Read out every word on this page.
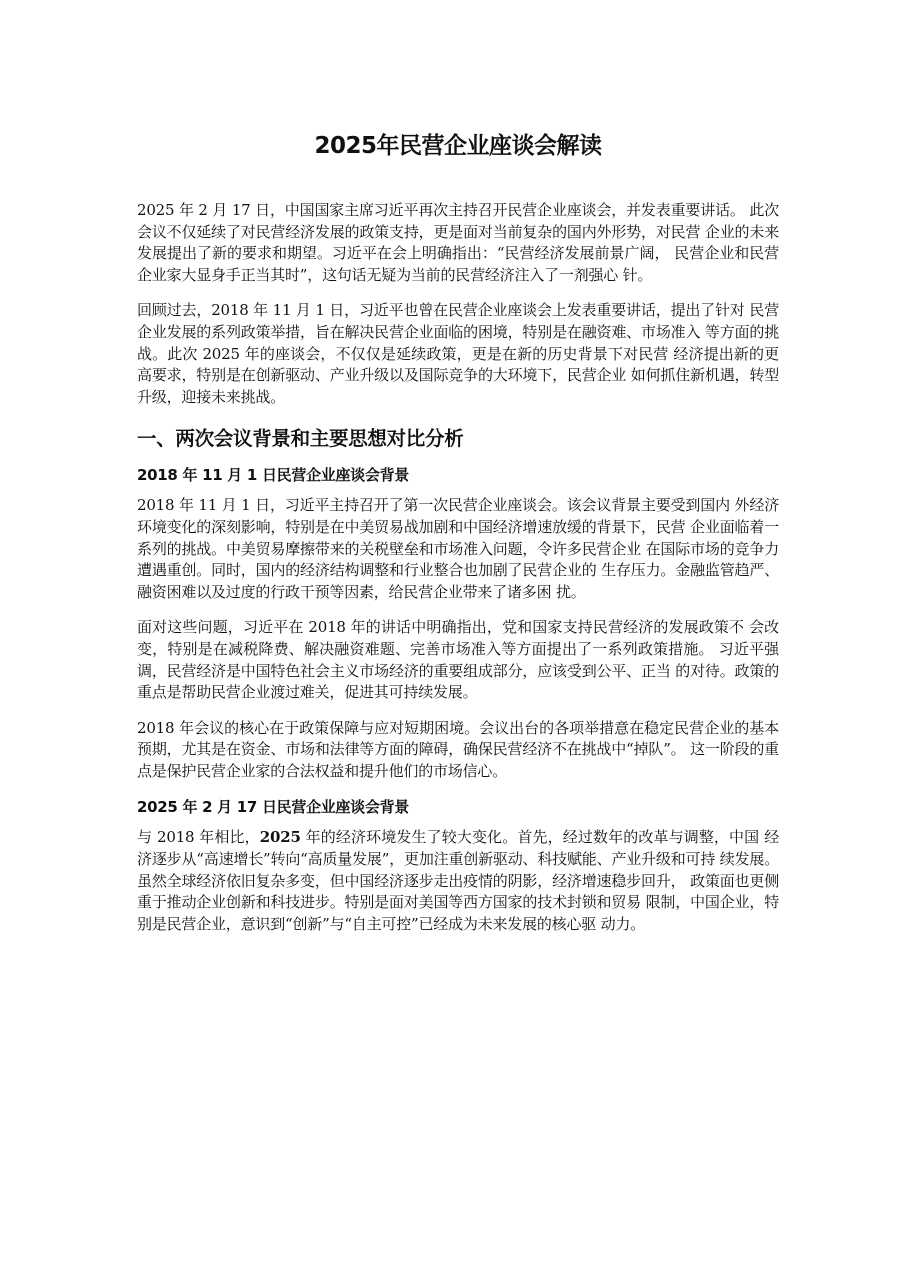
2025年民营企业座谈会解读

2025 年 2 月 17 日，中国国家主席习近平再次主持召开民营企业座谈会，并发表重要讲话。 此次会议不仅延续了对民营经济发展的政策支持，更是面对当前复杂的国内外形势，对民营 企业的未来发展提出了新的要求和期望。习近平在会上明确指出：“民营经济发展前景广阔， 民营企业和民营企业家大显身手正当其时”，这句话无疑为当前的民营经济注入了一剂强心 针。

回顾过去，2018 年 11 月 1 日，习近平也曾在民营企业座谈会上发表重要讲话，提出了针对 民营企业发展的系列政策举措，旨在解决民营企业面临的困境，特别是在融资难、市场准入 等方面的挑战。此次 2025 年的座谈会，不仅仅是延续政策，更是在新的历史背景下对民营 经济提出新的更高要求，特别是在创新驱动、产业升级以及国际竞争的大环境下，民营企业 如何抓住新机遇，转型升级，迎接未来挑战。

一、两次会议背景和主要思想对比分析
2018 年 11 月 1 日民营企业座谈会背景

2018 年 11 月 1 日，习近平主持召开了第一次民营企业座谈会。该会议背景主要受到国内 外经济环境变化的深刻影响，特别是在中美贸易战加剧和中国经济增速放缓的背景下，民营 企业面临着一系列的挑战。中美贸易摩擦带来的关税壁垒和市场准入问题，令许多民营企业 在国际市场的竞争力遭遇重创。同时，国内的经济结构调整和行业整合也加剧了民营企业的 生存压力。金融监管趋严、融资困难以及过度的行政干预等因素，给民营企业带来了诸多困 扰。

面对这些问题，习近平在 2018 年的讲话中明确指出，党和国家支持民营经济的发展政策不 会改变，特别是在减税降费、解决融资难题、完善市场准入等方面提出了一系列政策措施。 习近平强调，民营经济是中国特色社会主义市场经济的重要组成部分，应该受到公平、正当 的对待。政策的重点是帮助民营企业渡过难关，促进其可持续发展。

2018 年会议的核心在于政策保障与应对短期困境。会议出台的各项举措意在稳定民营企业的基本预期，尤其是在资金、市场和法律等方面的障碍，确保民营经济不在挑战中“掉队”。 这一阶段的重点是保护民营企业家的合法权益和提升他们的市场信心。

2025 年 2 月 17 日民营企业座谈会背景

与 2018 年相比，2025 年的经济环境发生了较大变化。首先，经过数年的改革与调整，中国 经济逐步从“高速增长”转向“高质量发展”，更加注重创新驱动、科技赋能、产业升级和可持 续发展。虽然全球经济依旧复杂多变，但中国经济逐步走出疫情的阴影，经济增速稳步回升， 政策面也更侧重于推动企业创新和科技进步。特别是面对美国等西方国家的技术封锁和贸易 限制，中国企业，特别是民营企业，意识到“创新”与“自主可控”已经成为未来发展的核心驱 动力。
